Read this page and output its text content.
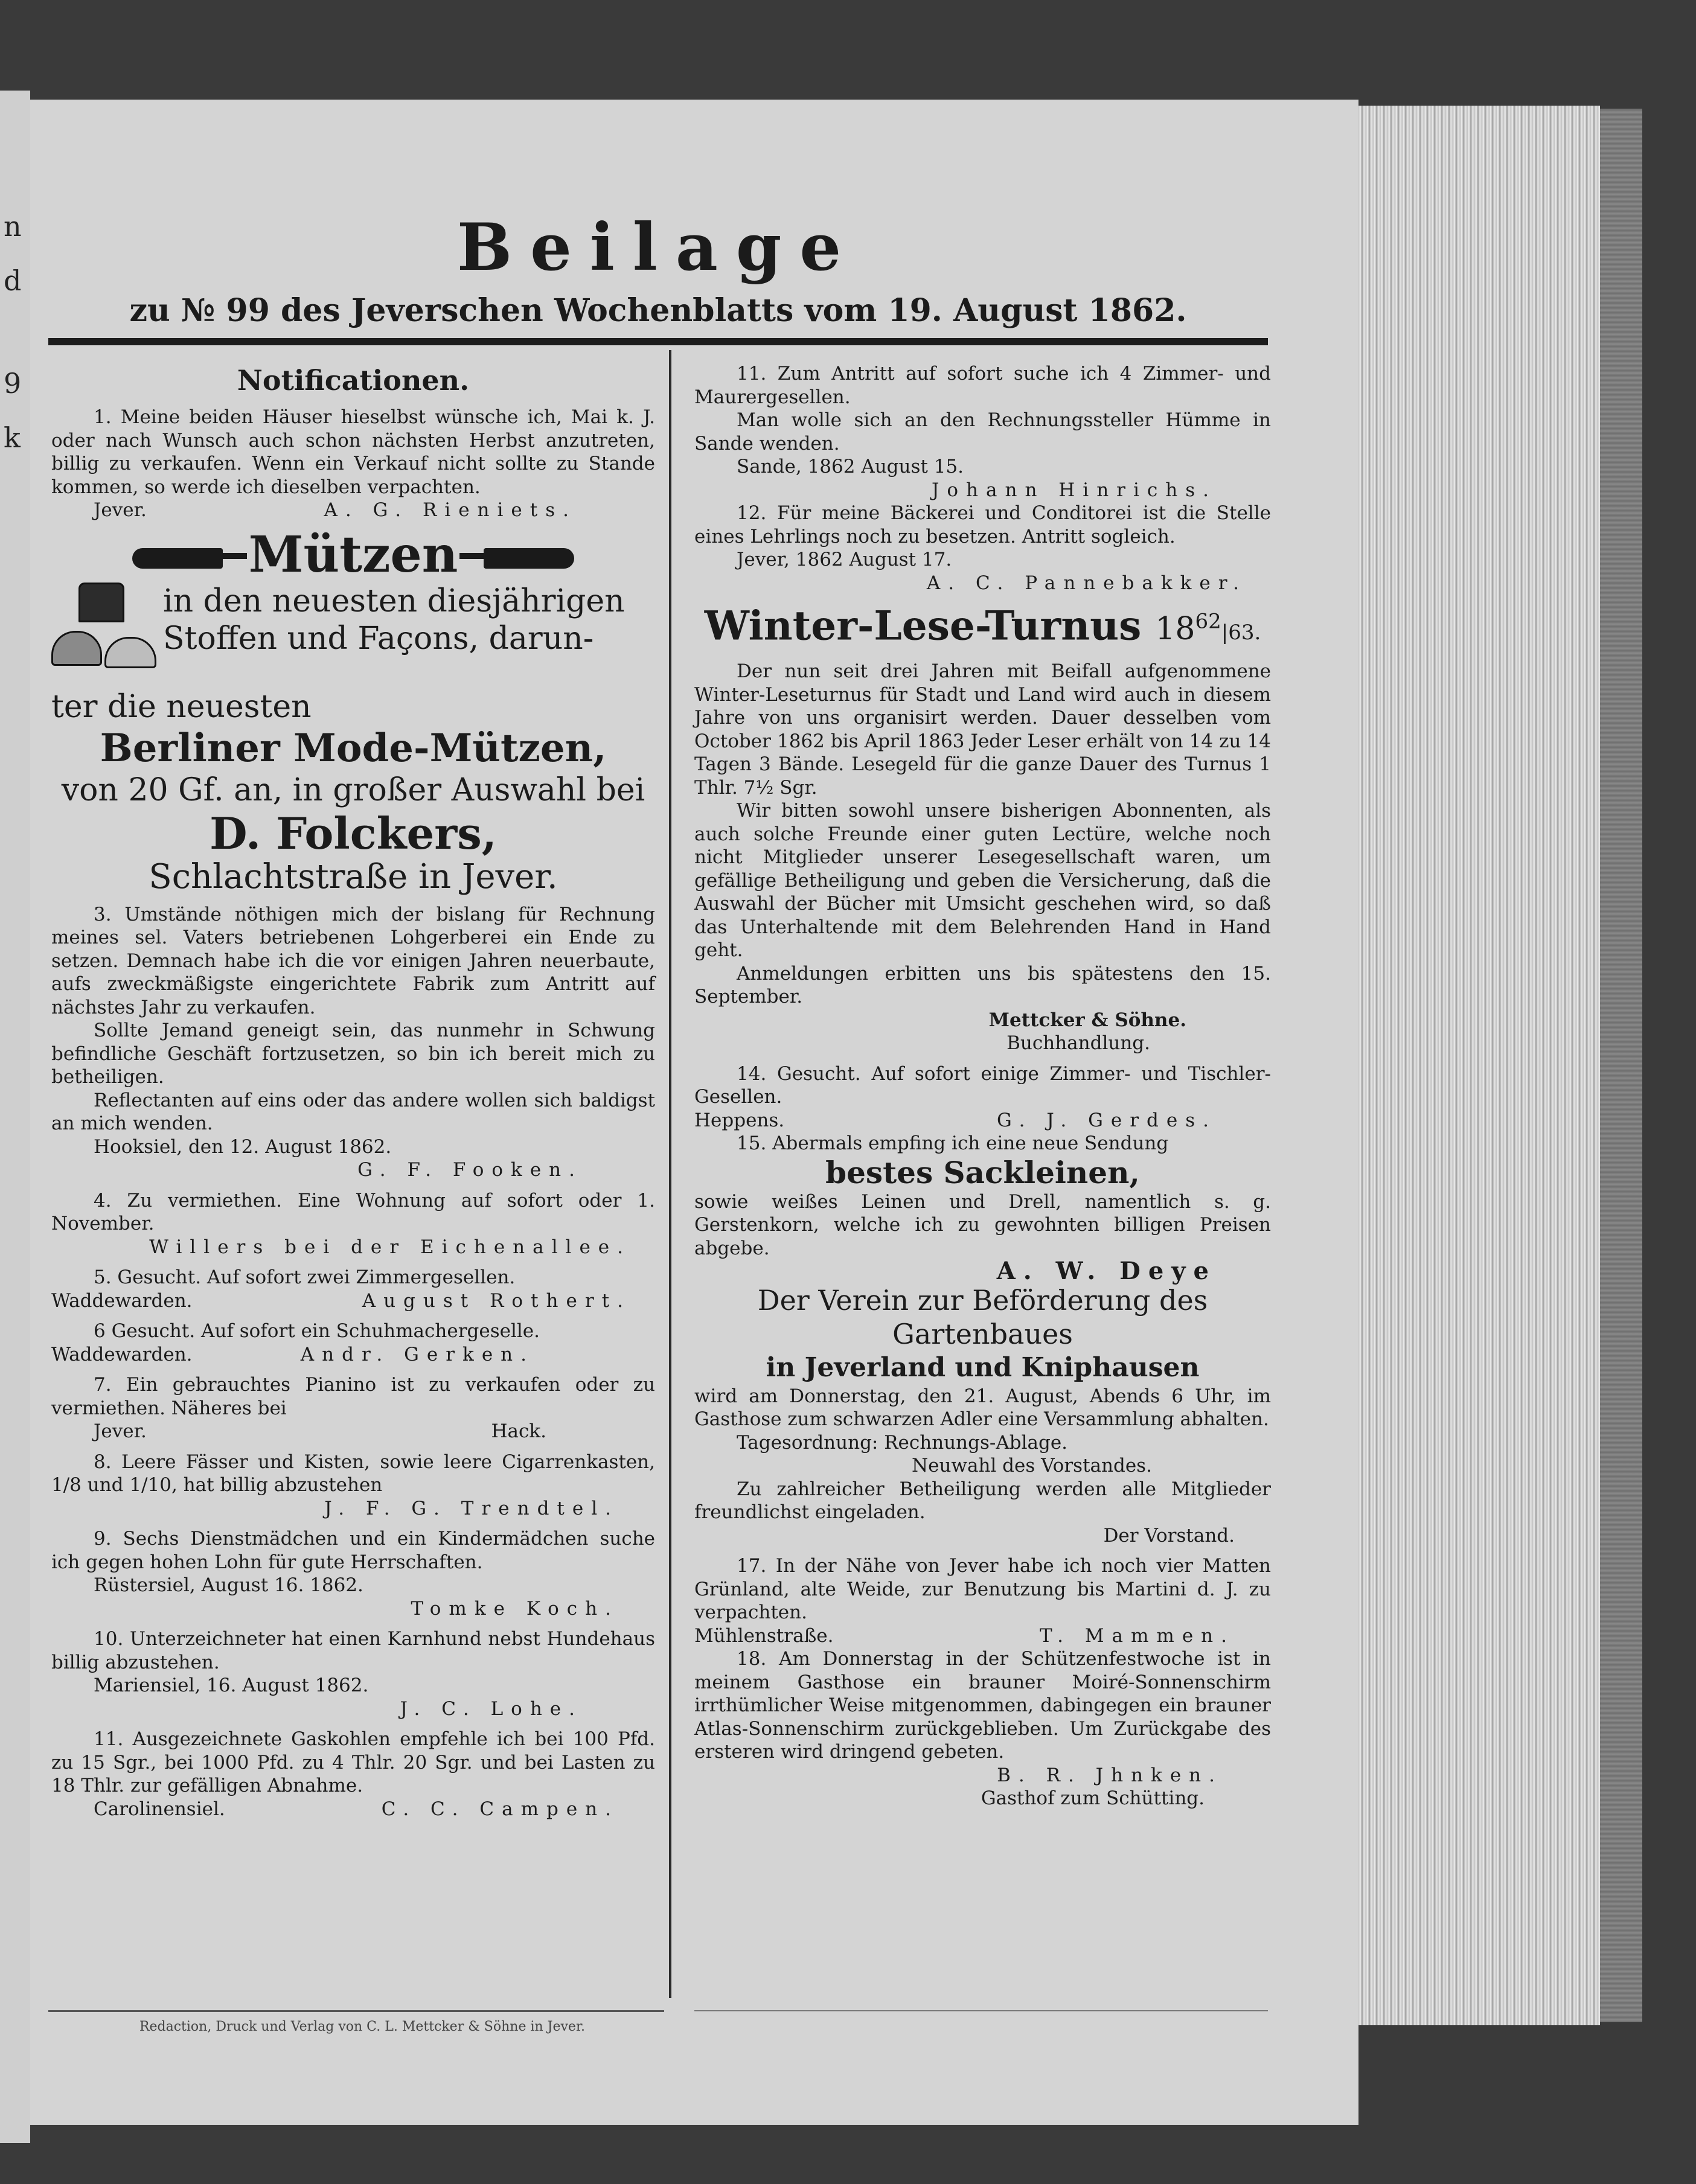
n
d
9
k
Beilage
zu № 99 des Jeverschen Wochenblatts vom 19. August 1862.
Notificationen.

1. Meine beiden Häuser hieselbst wünsche ich, Mai k. J. oder nach Wunsch auch schon nächsten Herbst anzutreten, billig zu verkaufen. Wenn ein Verkauf nicht sollte zu Stande kommen, so werde ich dieselben verpachten.

Jever.	A. G. Rieniets.
Mützen
in den neuesten diesjährigen
Stoffen und Façons, darun-
ter die neuesten
Berliner Mode-Mützen,
von 20 Gf. an, in großer Auswahl bei
D. Folckers,
Schlachtstraße in Jever.

3. Umstände nöthigen mich der bislang für Rechnung meines sel. Vaters betriebenen Lohgerberei ein Ende zu setzen. Demnach habe ich die vor einigen Jahren neuerbaute, aufs zweckmäßigste eingerichtete Fabrik zum Antritt auf nächstes Jahr zu verkaufen.

Sollte Jemand geneigt sein, das nunmehr in Schwung befindliche Geschäft fortzusetzen, so bin ich bereit mich zu betheiligen.

Reflectanten auf eins oder das andere wollen sich baldigst an mich wenden.

Hooksiel, den 12. August 1862.

G. F. Fooken.

4. Zu vermiethen. Eine Wohnung auf sofort oder 1. November.

Willers bei der Eichenallee.

5. Gesucht. Auf sofort zwei Zimmergesellen.

Waddewarden.	August Rothert.

6 Gesucht. Auf sofort ein Schuhmachergeselle.

Waddewarden.	Andr. Gerken.

7. Ein gebrauchtes Pianino ist zu verkaufen oder zu vermiethen. Näheres bei

Jever.	Hack.

8. Leere Fässer und Kisten, sowie leere Cigarrenkasten, 1/8 und 1/10, hat billig abzustehen

J. F. G. Trendtel.

9. Sechs Dienstmädchen und ein Kindermädchen suche ich gegen hohen Lohn für gute Herrschaften.

Rüstersiel, August 16. 1862.

Tomke Koch.

10. Unterzeichneter hat einen Karnhund nebst Hundehaus billig abzustehen.

Mariensiel, 16. August 1862.

J. C. Lohe.

11. Ausgezeichnete Gaskohlen empfehle ich bei 100 Pfd. zu 15 Sgr., bei 1000 Pfd. zu 4 Thlr. 20 Sgr. und bei Lasten zu 18 Thlr. zur gefälligen Abnahme.

Carolinensiel.	C. C. Campen.

11. Zum Antritt auf sofort suche ich 4 Zimmer- und Maurergesellen.

Man wolle sich an den Rechnungssteller Hümme in Sande wenden.

Sande, 1862 August 15.

Johann Hinrichs.

12. Für meine Bäckerei und Conditorei ist die Stelle eines Lehrlings noch zu besetzen. Antritt sogleich.

Jever, 1862 August 17.

A. C. Pannebakker.
Winter-Lese-Turnus $18^{62}|63$.

Der nun seit drei Jahren mit Beifall aufgenommene Winter-Leseturnus für Stadt und Land wird auch in diesem Jahre von uns organisirt werden. Dauer desselben vom October 1862 bis April 1863 Jeder Leser erhält von 14 zu 14 Tagen 3 Bände. Lesegeld für die ganze Dauer des Turnus 1 Thlr. 7½ Sgr.

Wir bitten sowohl unsere bisherigen Abonnenten, als auch solche Freunde einer guten Lectüre, welche noch nicht Mitglieder unserer Lesegesellschaft waren, um gefällige Betheiligung und geben die Versicherung, daß die Auswahl der Bücher mit Umsicht geschehen wird, so daß das Unterhaltende mit dem Belehrenden Hand in Hand geht.

Anmeldungen erbitten uns bis spätestens den 15. September.

Mettcker & Söhne.
Buchhandlung.

14. Gesucht. Auf sofort einige Zimmer- und Tischler-Gesellen.

Heppens.	G. J. Gerdes.

15. Abermals empfing ich eine neue Sendung

bestes Sackleinen,

sowie weißes Leinen und Drell, namentlich s. g. Gerstenkorn, welche ich zu gewohnten billigen Preisen abgebe.

A. W. Deye
Der Verein zur Beförderung des
Gartenbaues
in Jeverland und Kniphausen

wird am Donnerstag, den 21. August, Abends 6 Uhr, im Gasthose zum schwarzen Adler eine Versammlung abhalten.

Tagesordnung: Rechnungs-Ablage.

Neuwahl des Vorstandes.

Zu zahlreicher Betheiligung werden alle Mitglieder freundlichst eingeladen.

Der Vorstand.

17. In der Nähe von Jever habe ich noch vier Matten Grünland, alte Weide, zur Benutzung bis Martini d. J. zu verpachten.

Mühlenstraße.	T. Mammen.

18. Am Donnerstag in der Schützenfestwoche ist in meinem Gasthose ein brauner Moiré-Sonnenschirm irrthümlicher Weise mitgenommen, dabingegen ein brauner Atlas-Sonnenschirm zurückgeblieben. Um Zurückgabe des ersteren wird dringend gebeten.

B. R. Jhnken.
Gasthof zum Schütting.
Redaction, Druck und Verlag von C. L. Mettcker & Söhne in Jever.
